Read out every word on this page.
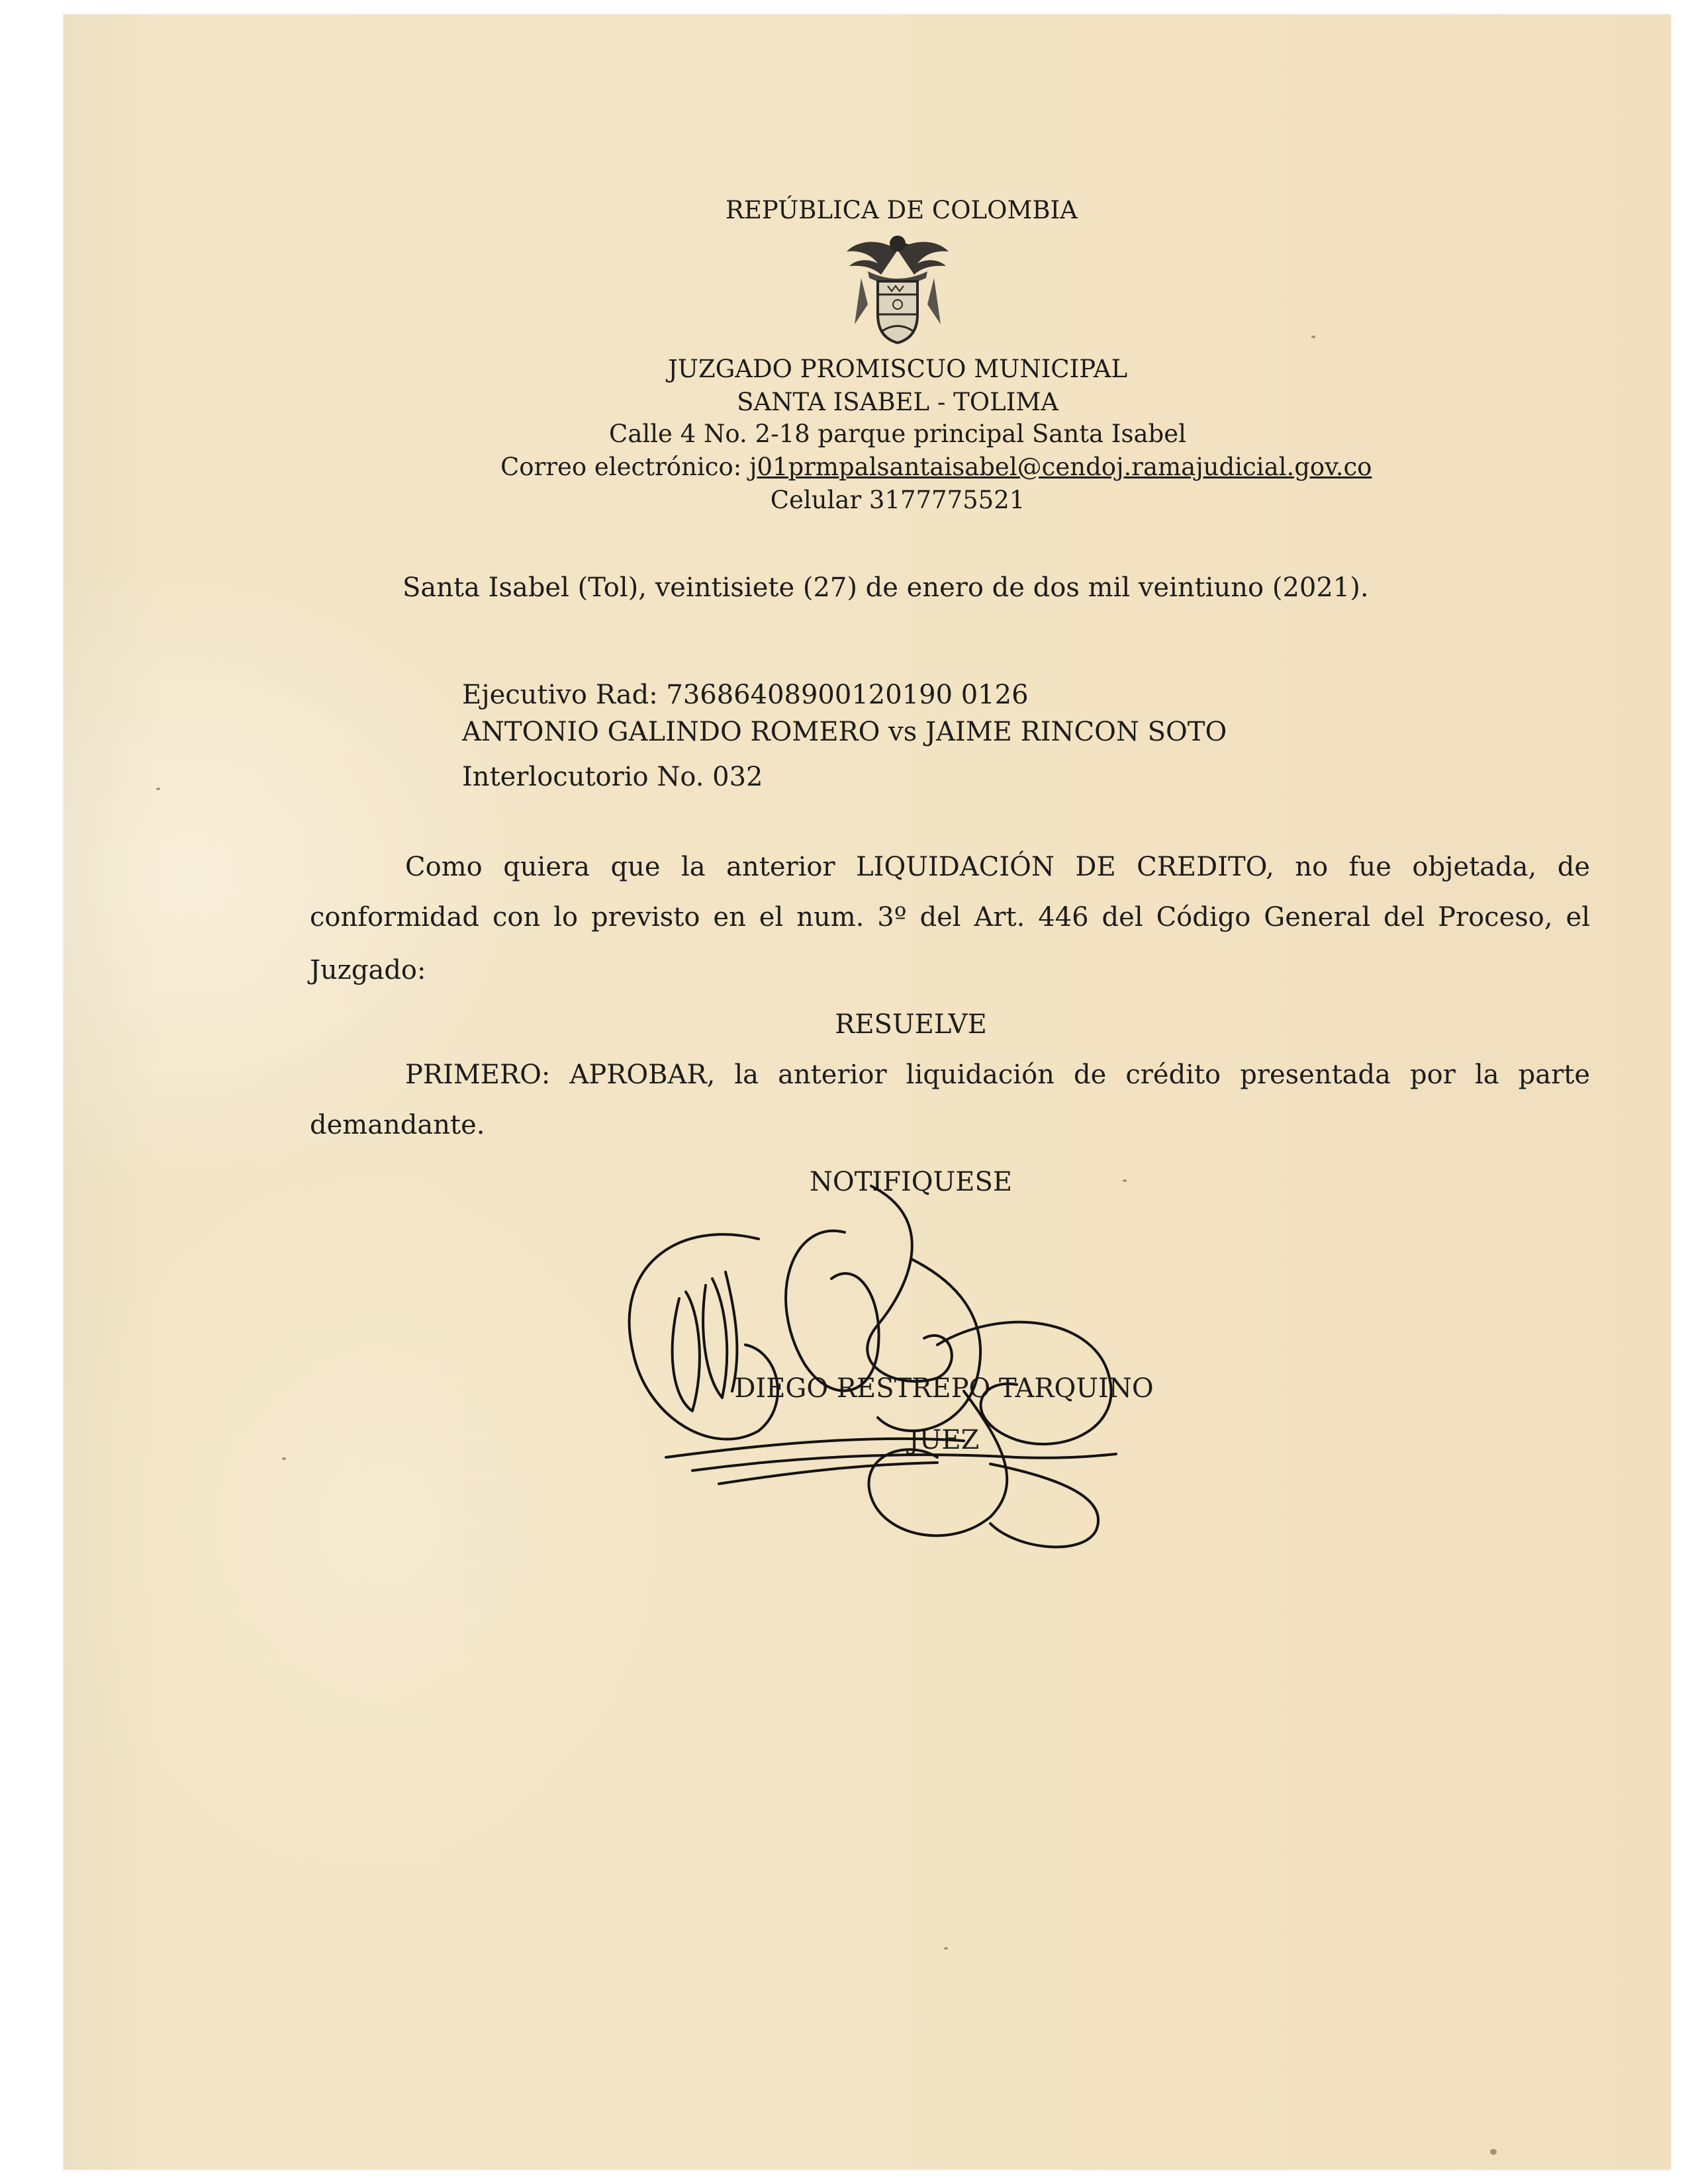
REPÚBLICA DE COLOMBIA

JUZGADO PROMISCUO MUNICIPAL

SANTA ISABEL - TOLIMA

Calle 4 No. 2-18 parque principal Santa Isabel

Correo electrónico: j01prmpalsantaisabel@cendoj.ramajudicial.gov.co

Celular 3177775521

Santa Isabel (Tol), veintisiete (27) de enero de dos mil veintiuno (2021).

Ejecutivo Rad: 73686408900120190 0126

ANTONIO GALINDO ROMERO vs JAIME RINCON SOTO

Interlocutorio No. 032

Como quiera que la anterior LIQUIDACIÓN DE CREDITO, no fue objetada, de

conformidad con lo previsto en el num. 3º del Art. 446 del Código General del Proceso, el

Juzgado:

RESUELVE

PRIMERO: APROBAR, la anterior liquidación de crédito presentada por la parte

demandante.

NOTIFIQUESE

DIEGO RESTREPO TARQUINO

JUEZ
